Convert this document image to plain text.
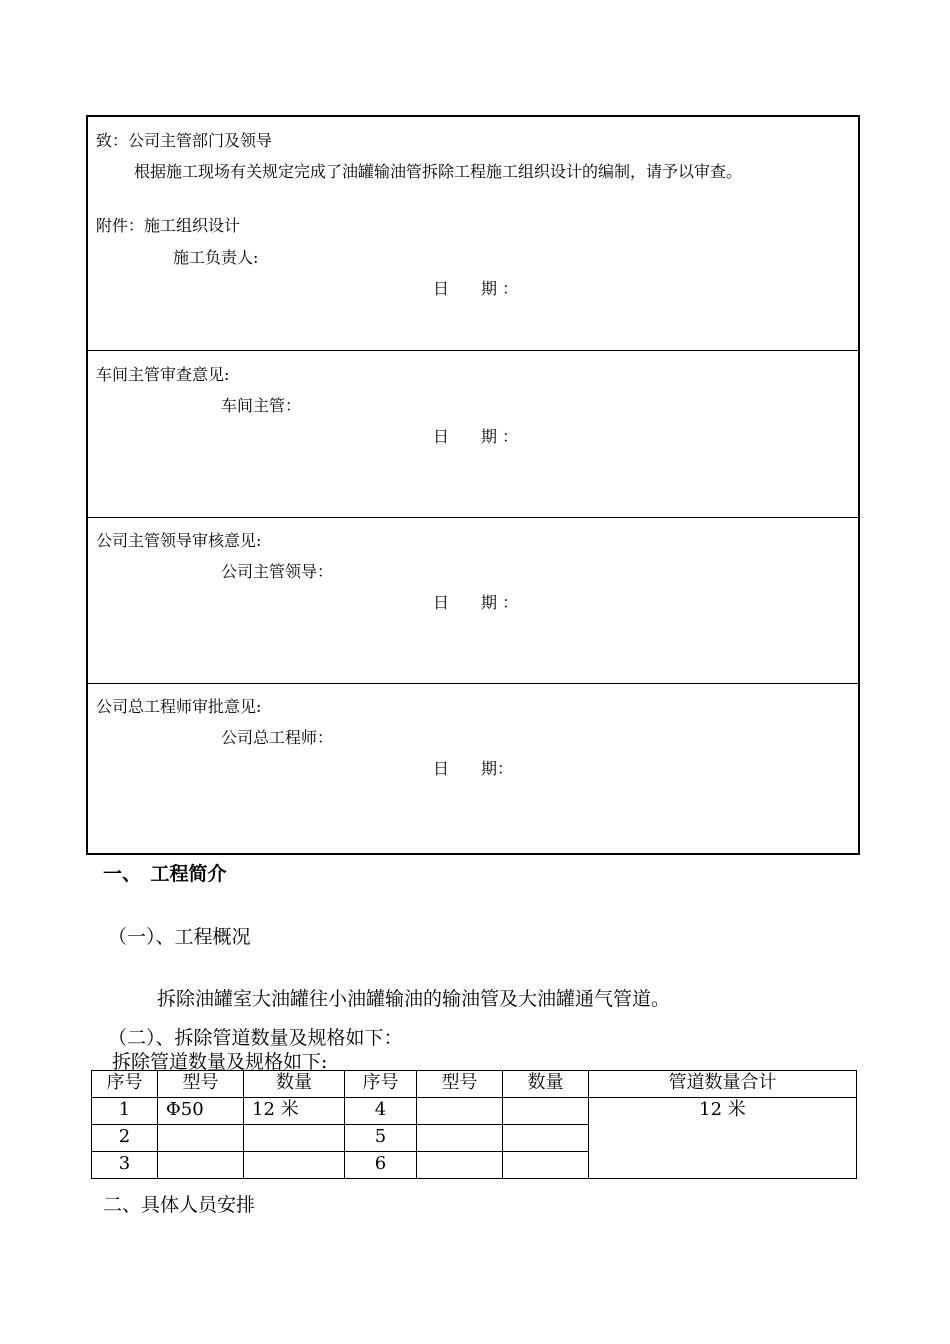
致：公司主管部门及领导
根据施工现场有关规定完成了油罐输油管拆除工程施工组织设计的编制，请予以审查。
附件：施工组织设计
施工负责人:
日　　期 ：
车间主管审查意见:
车间主管：
日　　期 ：
公司主管领导审核意见:
公司主管领导：
日　　期 ：
公司总工程师审批意见:
公司总工程师：
日　　期：
一、　工程简介
（一）、工程概况
拆除油罐室大油罐往小油罐输油的输油管及大油罐通气管道。
（二）、拆除管道数量及规格如下：
拆除管道数量及规格如下:
序号	型号	数量	序号	型号	数量	管道数量合计
1	Φ50	12 米	4			12 米
2			5			
3			6			
二、具体人员安排
